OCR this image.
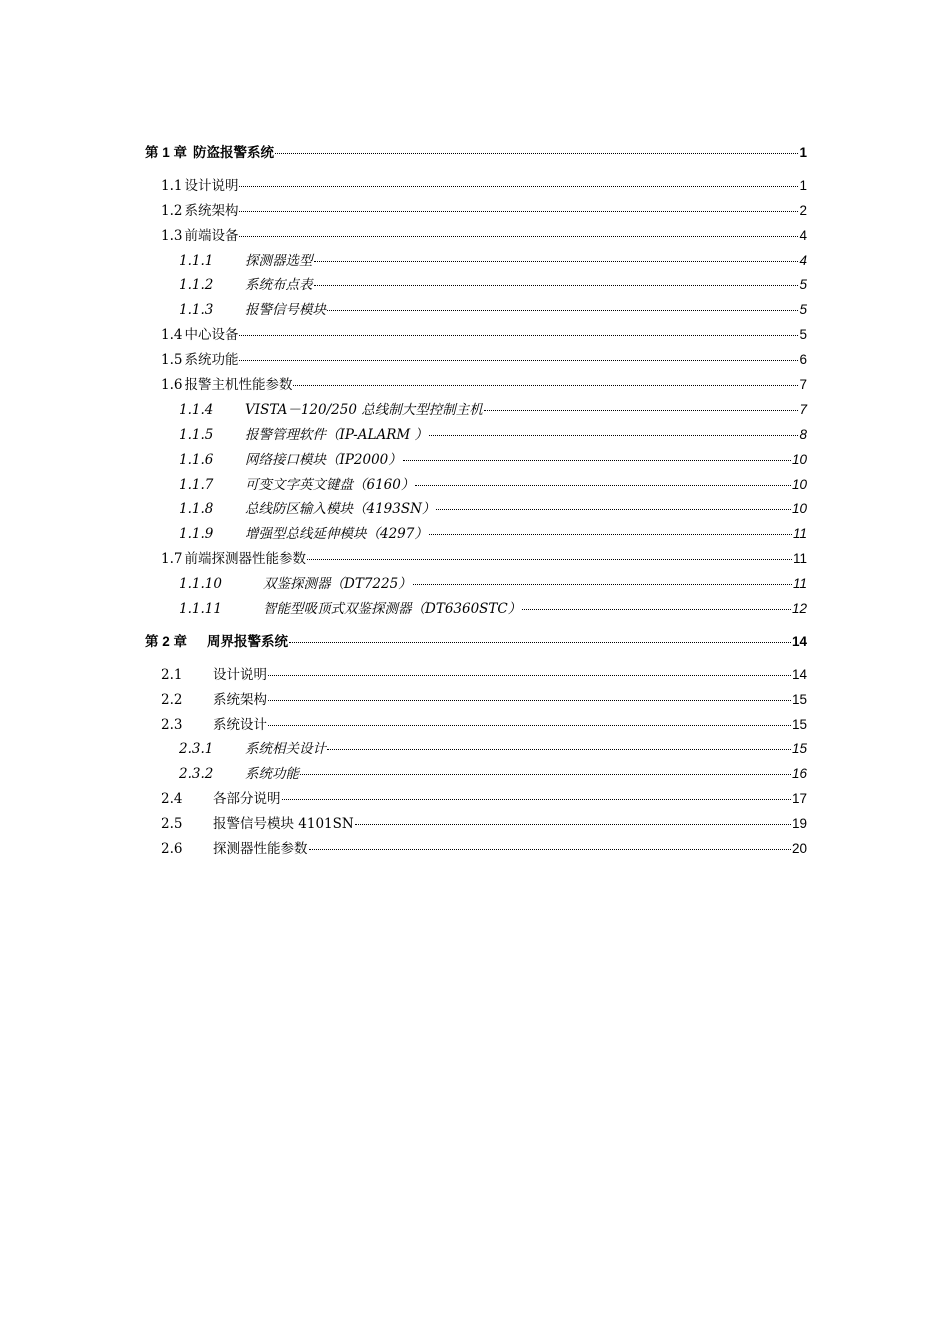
第 1 章 防盗报警系统	1
1.1 设计说明	1
1.2 系统架构	2
1.3 前端设备	4
1.1.1	探测器选型	4
1.1.2	系统布点表	5
1.1.3	报警信号模块	5
1.4 中心设备	5
1.5 系统功能	6
1.6 报警主机性能参数	7
1.1.4	VISTA－120/250 总线制大型控制主机	7
1.1.5	报警管理软件（IP-ALARM ）	8
1.1.6	网络接口模块（IP2000）	10
1.1.7	可变文字英文键盘（6160）	10
1.1.8	总线防区输入模块（4193SN）	10
1.1.9	增强型总线延伸模块（4297）	11
1.7 前端探测器性能参数	11
1.1.10	双鉴探测器（DT7225）	11
1.1.11	智能型吸顶式双鉴探测器（DT6360STC）	12
第 2 章 周界报警系统	14
2.1	设计说明	14
2.2	系统架构	15
2.3	系统设计	15
2.3.1	系统相关设计	15
2.3.2	系统功能	16
2.4	各部分说明	17
2.5	报警信号模块 4101SN	19
2.6	探测器性能参数	20
